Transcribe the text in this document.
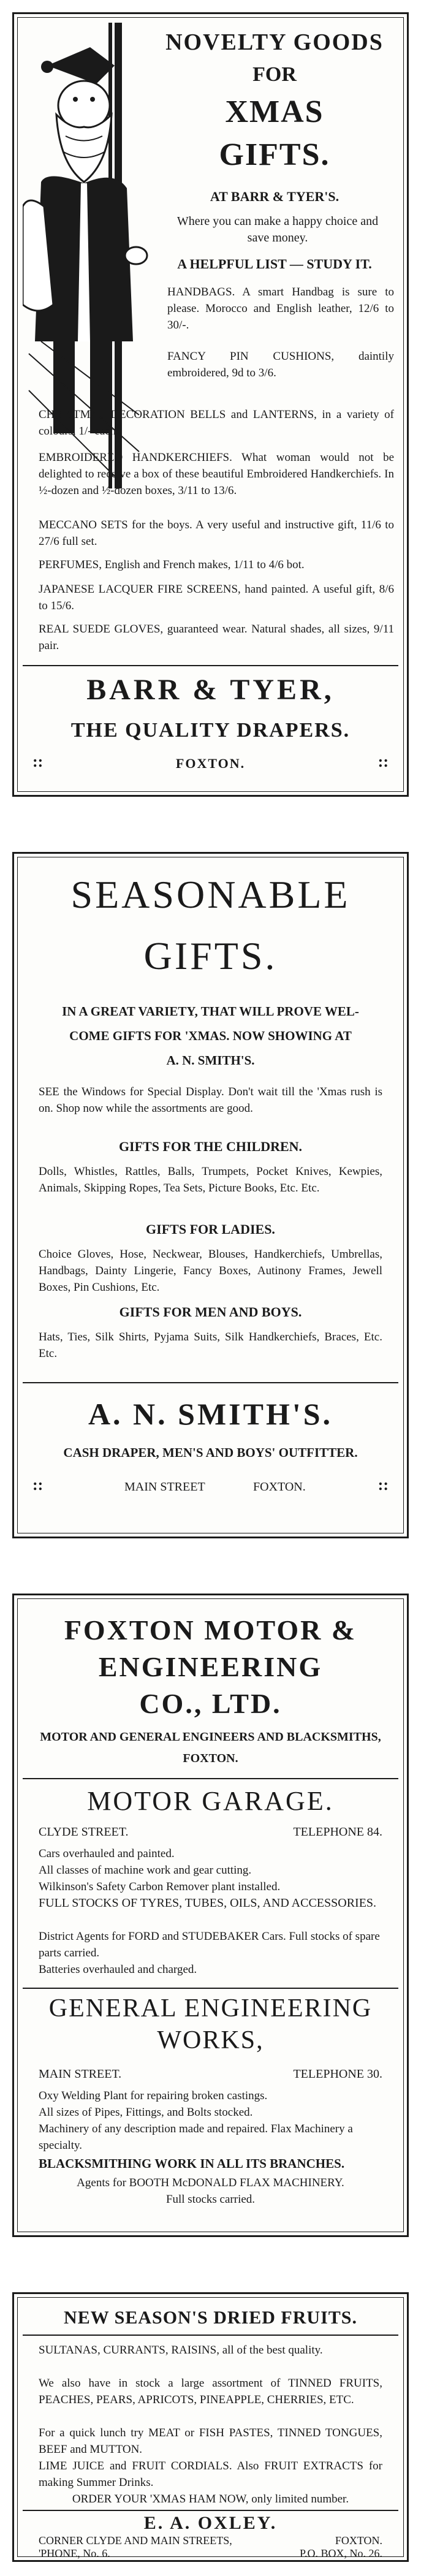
NOVELTY GOODS
FOR
XMAS
GIFTS.
AT BARR & TYER'S.
Where you can make a happy choice and save money.
A HELPFUL LIST — STUDY IT.
HANDBAGS. A smart Handbag is sure to please. Morocco and English leather, 12/6 to 30/-.
FANCY PIN CUSHIONS, daintily embroidered, 9d to 3/6.
CHRISTMAS DECORATION BELLS and LANTERNS, in a variety of colours, 1/- each.
EMBROIDERED HANDKERCHIEFS. What woman would not be delighted to receive a box of these beautiful Embroidered Handkerchiefs. In ½-dozen and ½-dozen boxes, 3/11 to 13/6.
MECCANO SETS for the boys. A very useful and instructive gift, 11/6 to 27/6 full set.
PERFUMES, English and French makes, 1/11 to 4/6 bot.
JAPANESE LACQUER FIRE SCREENS, hand painted. A useful gift, 8/6 to 15/6.
REAL SUEDE GLOVES, guaranteed wear. Natural shades, all sizes, 9/11 pair.
BARR & TYER,
THE QUALITY DRAPERS.
::	FOXTON.	::
SEASONABLE
GIFTS.
IN A GREAT VARIETY, THAT WILL PROVE WEL-
COME GIFTS FOR 'XMAS. NOW SHOWING AT
A. N. SMITH'S.
SEE the Windows for Special Display. Don't wait till the 'Xmas rush is on. Shop now while the assortments are good.
GIFTS FOR THE CHILDREN.
Dolls, Whistles, Rattles, Balls, Trumpets, Pocket Knives, Kewpies, Animals, Skipping Ropes, Tea Sets, Picture Books, Etc. Etc.
GIFTS FOR LADIES.
Choice Gloves, Hose, Neckwear, Blouses, Handkerchiefs, Umbrellas, Handbags, Dainty Lingerie, Fancy Boxes, Autinony Frames, Jewell Boxes, Pin Cushions, Etc.
GIFTS FOR MEN AND BOYS.
Hats, Ties, Silk Shirts, Pyjama Suits, Silk Handkerchiefs, Braces, Etc. Etc.
A. N. SMITH'S.
CASH DRAPER, MEN'S AND BOYS' OUTFITTER.
::	MAIN STREET	FOXTON.	::
FOXTON MOTOR &
ENGINEERING
CO., LTD.
MOTOR AND GENERAL ENGINEERS AND BLACKSMITHS,
FOXTON.
MOTOR GARAGE.
CLYDE STREET.	TELEPHONE 84.
Cars overhauled and painted.
All classes of machine work and gear cutting.
Wilkinson's Safety Carbon Remover plant installed.
FULL STOCKS OF TYRES, TUBES, OILS, AND ACCESSORIES.
District Agents for FORD and STUDEBAKER Cars. Full stocks of spare parts carried.
Batteries overhauled and charged.
GENERAL ENGINEERING
WORKS,
MAIN STREET.	TELEPHONE 30.
Oxy Welding Plant for repairing broken castings.
All sizes of Pipes, Fittings, and Bolts stocked.
Machinery of any description made and repaired. Flax Machinery a specialty.
BLACKSMITHING WORK IN ALL ITS BRANCHES.
Agents for BOOTH McDONALD FLAX MACHINERY.
Full stocks carried.
NEW SEASON'S DRIED FRUITS.
SULTANAS, CURRANTS, RAISINS, all of the best quality.
We also have in stock a large assortment of TINNED FRUITS, PEACHES, PEARS, APRICOTS, PINEAPPLE, CHERRIES, ETC.
For a quick lunch try MEAT or FISH PASTES, TINNED TONGUES, BEEF and MUTTON.
LIME JUICE and FRUIT CORDIALS. Also FRUIT EXTRACTS for making Summer Drinks.
ORDER YOUR 'XMAS HAM NOW, only limited number.
E. A. OXLEY.
CORNER CLYDE AND MAIN STREETS,	FOXTON.
'PHONE, No. 6.	P.O. BOX, No. 26.
